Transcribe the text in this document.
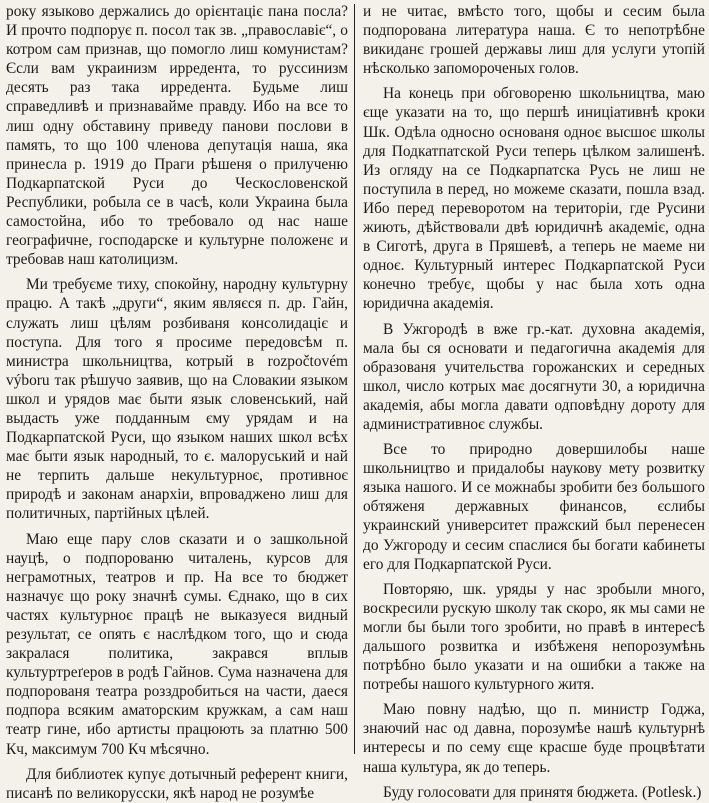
року языково держались до орієнтаціє пана посла? И прочто подпорує п. посол так зв. „православіє“, о котром сам признав, що помогло лиш комунистам? Єсли вам украинизм ирредента, то руссинизм десять раз така ирредента. Будьме лиш справедливѣ и признавайме правду. Ибо на все то лиш одну обставину приведу панови послови в память, то що 100 членова депутація наша, яка принесла р. 1919 до Праги рѣшеня о прилученю Подкарпатской Руси до Ческословенской Республики, робыла се в часѣ, коли Украина была самостойна, ибо то требовало од нас наше географичне, господарске и культурне положенє и требовав наш католицизм.

Ми требуєме тиху, спокойну, народну культурну працю. А такѣ „други“, яким являєся п. др. Гайн, служать лиш цѣлям розбиваня консолидаціє и поступа. Для того я просиме передовсѣм п. министра школьництва, котрый в rozpočtovém výboru так рѣшучо заявив, що на Словакии языком школ и урядов має быти язык словенський, най выдасть уже подданным єму урядам и на Подкарпатской Руси, що языком наших школ всѣх має быти язык народный, то є. малоруський и най не терпить дальше некультурноє, противноє природѣ и законам анархіи, впроваджено лиш для политичных, партійных цѣлей.

Маю еще пару слов сказати и о зашкольной науцѣ, о подпорованю читалень, курсов для неграмотных, театров и пр. На все то бюджет назначує що року значнѣ сумы. Єднако, що в сих частях культурноє працѣ не выказуеся видный результат, се опять є наслѣдком того, що и сюда закралася политика, закрався вплыв культуртреґеров в родѣ Гайнов. Сума назначена для подпорованя театра розздробиться на части, даеся подпора всяким аматорским кружкам, а сам наш театр гине, ибо артисты працюють за платню 500 Кч, максимум 700 Кч мѣсячно.

Для библиотек купує дотычный референт книги, писанѣ по великорусски, якѣ народ не розумѣе

и не читає, вмѣсто того, щобы и сесим была подпорована литература наша. Є то непотрѣбне викиданє грошей державы лиш для услуги утопій нѣсколько запомороченых голов.

На конець при обговореню школьництва, маю єще указати на то, що першѣ иницiативнѣ кроки Шк. Одѣла односно основаня одноє высшоє школы для Подкатпатской Руси теперь цѣлком залишенѣ. Из огляду на се Подкарпатска Русь не лиш не поступила в перед, но можеме сказати, пошла взад. Ибо перед переворотом на територіи, где Русини жиють, дѣйствовали двѣ юридичнѣ академіє, одна в Сиготѣ, друга в Пряшевѣ, а теперь не маеме ни одноє. Культурный интерес Подкарпатской Руси конечно требує, щобы у нас была хоть одна юридична академія.

В Ужгородѣ в вже гр.-кат. духовна академія, мала бы ся основати и педагогична академія для образованя учительства горожанских и середных школ, число котрых має досягнути 30, а юридична академія, абы могла давати одповѣдну дороту для административноє службы.

Все то природно довершилобы наше школьництво и придалобы наукову мету розвитку языка нашого. И се можнабы зробити без большого обтяженя державных финансов, єслибы украинский университет пражский был перенесен до Ужгороду и сесим спаслися бы богати кабинеты его для Подкарпатской Руси.

Повторяю, шк. уряды у нас зробыли много, воскресили рускую школу так скоро, як мы сами не могли бы были того зробити, но правѣ в интересѣ дальшого розвитка и избѣженя непорозумѣнь потрѣбно было указати и на ошибки а также на потребы нашого культурного житя.

Маю повну надѣю, що п. министр Годжа, знаючий нас од давна, порозумѣе нашѣ культурнѣ интересы и по сему єще красше буде процвѣтати наша культура, як до теперь.

Буду голосовати для принятя бюджета. (Potlesk.)
